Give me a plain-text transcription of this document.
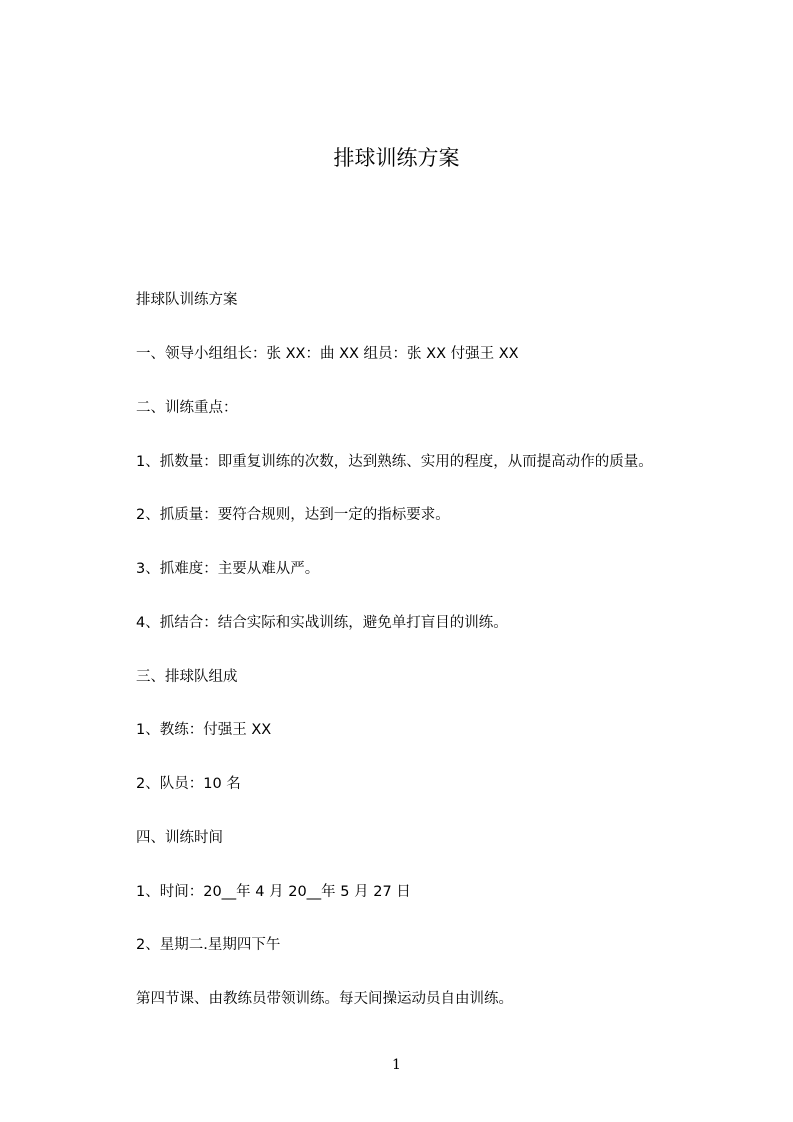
排球训练方案

排球队训练方案

一、领导小组组长：张 XX：曲 XX 组员：张 XX 付强王 XX

二、训练重点：

1、抓数量：即重复训练的次数，达到熟练、实用的程度，从而提高动作的质量。

2、抓质量：要符合规则，达到一定的指标要求。

3、抓难度：主要从难从严。

4、抓结合：结合实际和实战训练，避免单打盲目的训练。

三、排球队组成

1、教练：付强王 XX

2、队员：10 名

四、训练时间

1、时间：20__年 4 月 20__年 5 月 27 日

2、星期二.星期四下午

第四节课、由教练员带领训练。每天间操运动员自由训练。

1
